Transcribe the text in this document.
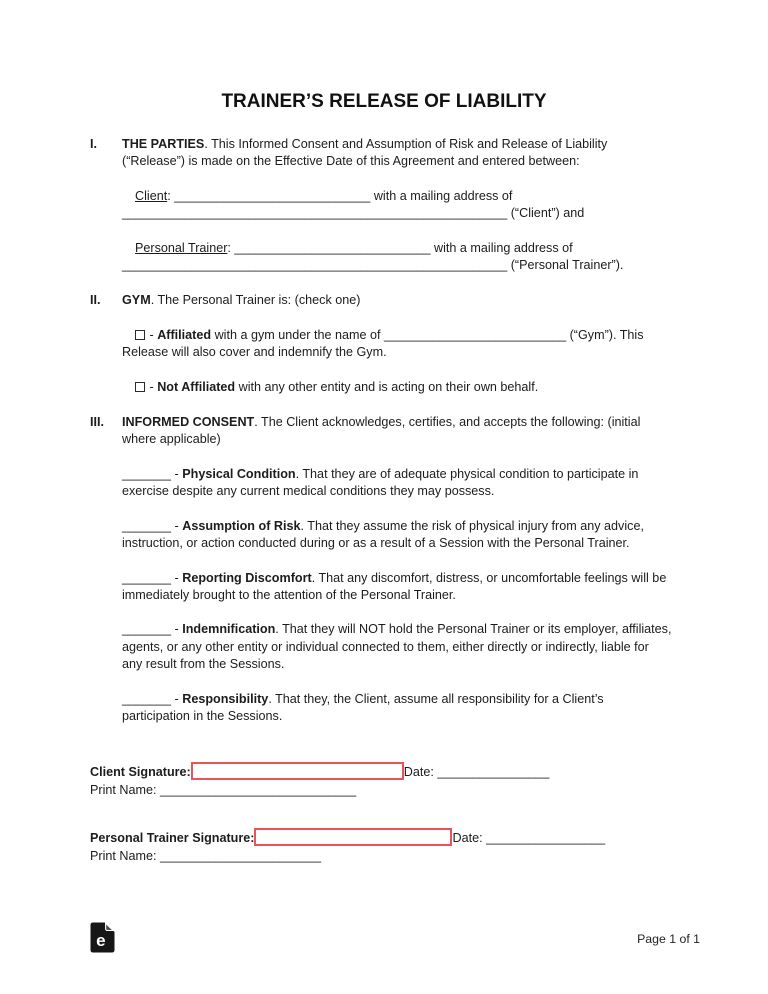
TRAINER’S RELEASE OF LIABILITY
I.	THE PARTIES. This Informed Consent and Assumption of Risk and Release of Liability (“Release”) is made on the Effective Date of this Agreement and entered between:

Client: ____________________________ with a mailing address of _______________________________________________________ (“Client”) and

Personal Trainer: ____________________________ with a mailing address of _______________________________________________________ (“Personal Trainer”).

II.	GYM. The Personal Trainer is: (check one)

- Affiliated with a gym under the name of __________________________ (“Gym”). This Release will also cover and indemnify the Gym.

- Not Affiliated with any other entity and is acting on their own behalf.

III.	INFORMED CONSENT. The Client acknowledges, certifies, and accepts the following: (initial where applicable)

_______ - Physical Condition. That they are of adequate physical condition to participate in exercise despite any current medical conditions they may possess.

_______ - Assumption of Risk. That they assume the risk of physical injury from any advice, instruction, or action conducted during or as a result of a Session with the Personal Trainer.

_______ - Reporting Discomfort. That any discomfort, distress, or uncomfortable feelings will be immediately brought to the attention of the Personal Trainer.

_______ - Indemnification. That they will NOT hold the Personal Trainer or its employer, affiliates, agents, or any other entity or individual connected to them, either directly or indirectly, liable for any result from the Sessions.

_______ - Responsibility. That they, the Client, assume all responsibility for a Client’s participation in the Sessions.

Client Signature:	Date: ________________
Print Name: ____________________________
Personal Trainer Signature:	Date: _________________
Print Name: _______________________
e	Page 1 of 1
